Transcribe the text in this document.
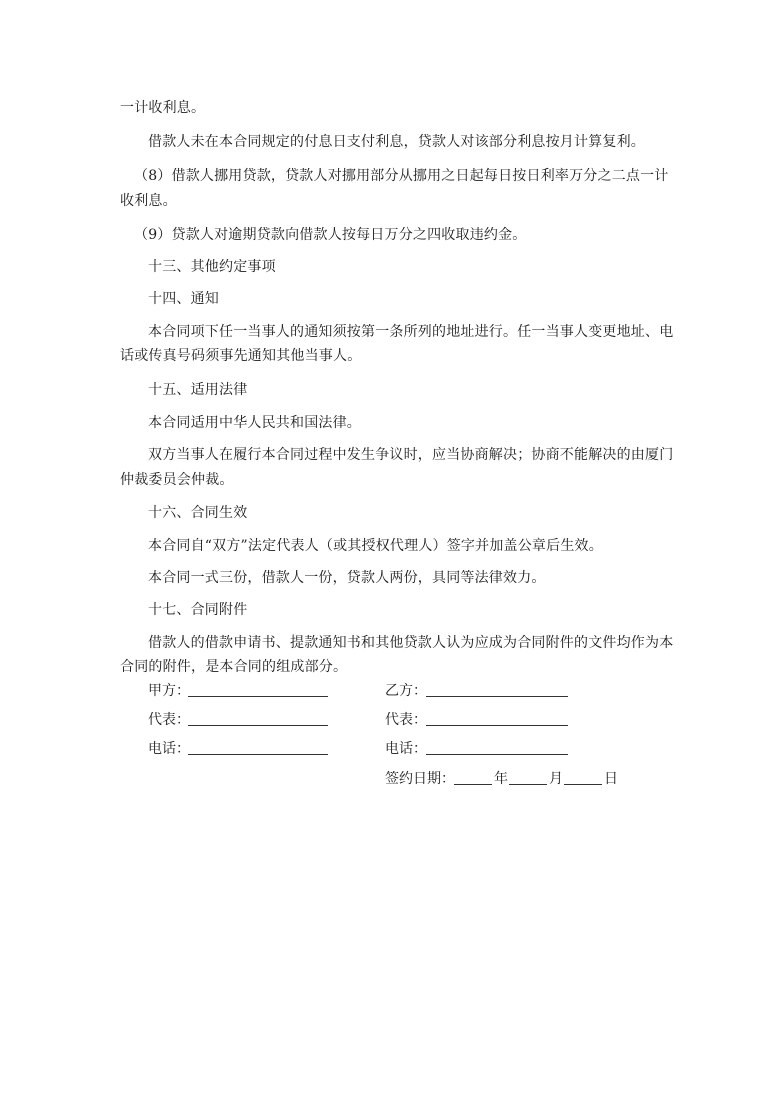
一计收利息。
借款人未在本合同规定的付息日支付利息，贷款人对该部分利息按月计算复利。
（8）借款人挪用贷款，贷款人对挪用部分从挪用之日起每日按日利率万分之二点一计
收利息。
（9）贷款人对逾期贷款向借款人按每日万分之四收取违约金。
十三、其他约定事项
十四、通知
本合同项下任一当事人的通知须按第一条所列的地址进行。任一当事人变更地址、电
话或传真号码须事先通知其他当事人。
十五、适用法律
本合同适用中华人民共和国法律。
双方当事人在履行本合同过程中发生争议时，应当协商解决；协商不能解决的由厦门
仲裁委员会仲裁。
十六、合同生效
本合同自“双方”法定代表人（或其授权代理人）签字并加盖公章后生效。
本合同一式三份，借款人一份，贷款人两份，具同等法律效力。
十七、合同附件
借款人的借款申请书、提款通知书和其他贷款人认为应成为合同附件的文件均作为本
合同的附件，是本合同的组成部分。
甲方：	乙方：
代表：	代表：
电话：	电话：
签约日期：	年	月	日
